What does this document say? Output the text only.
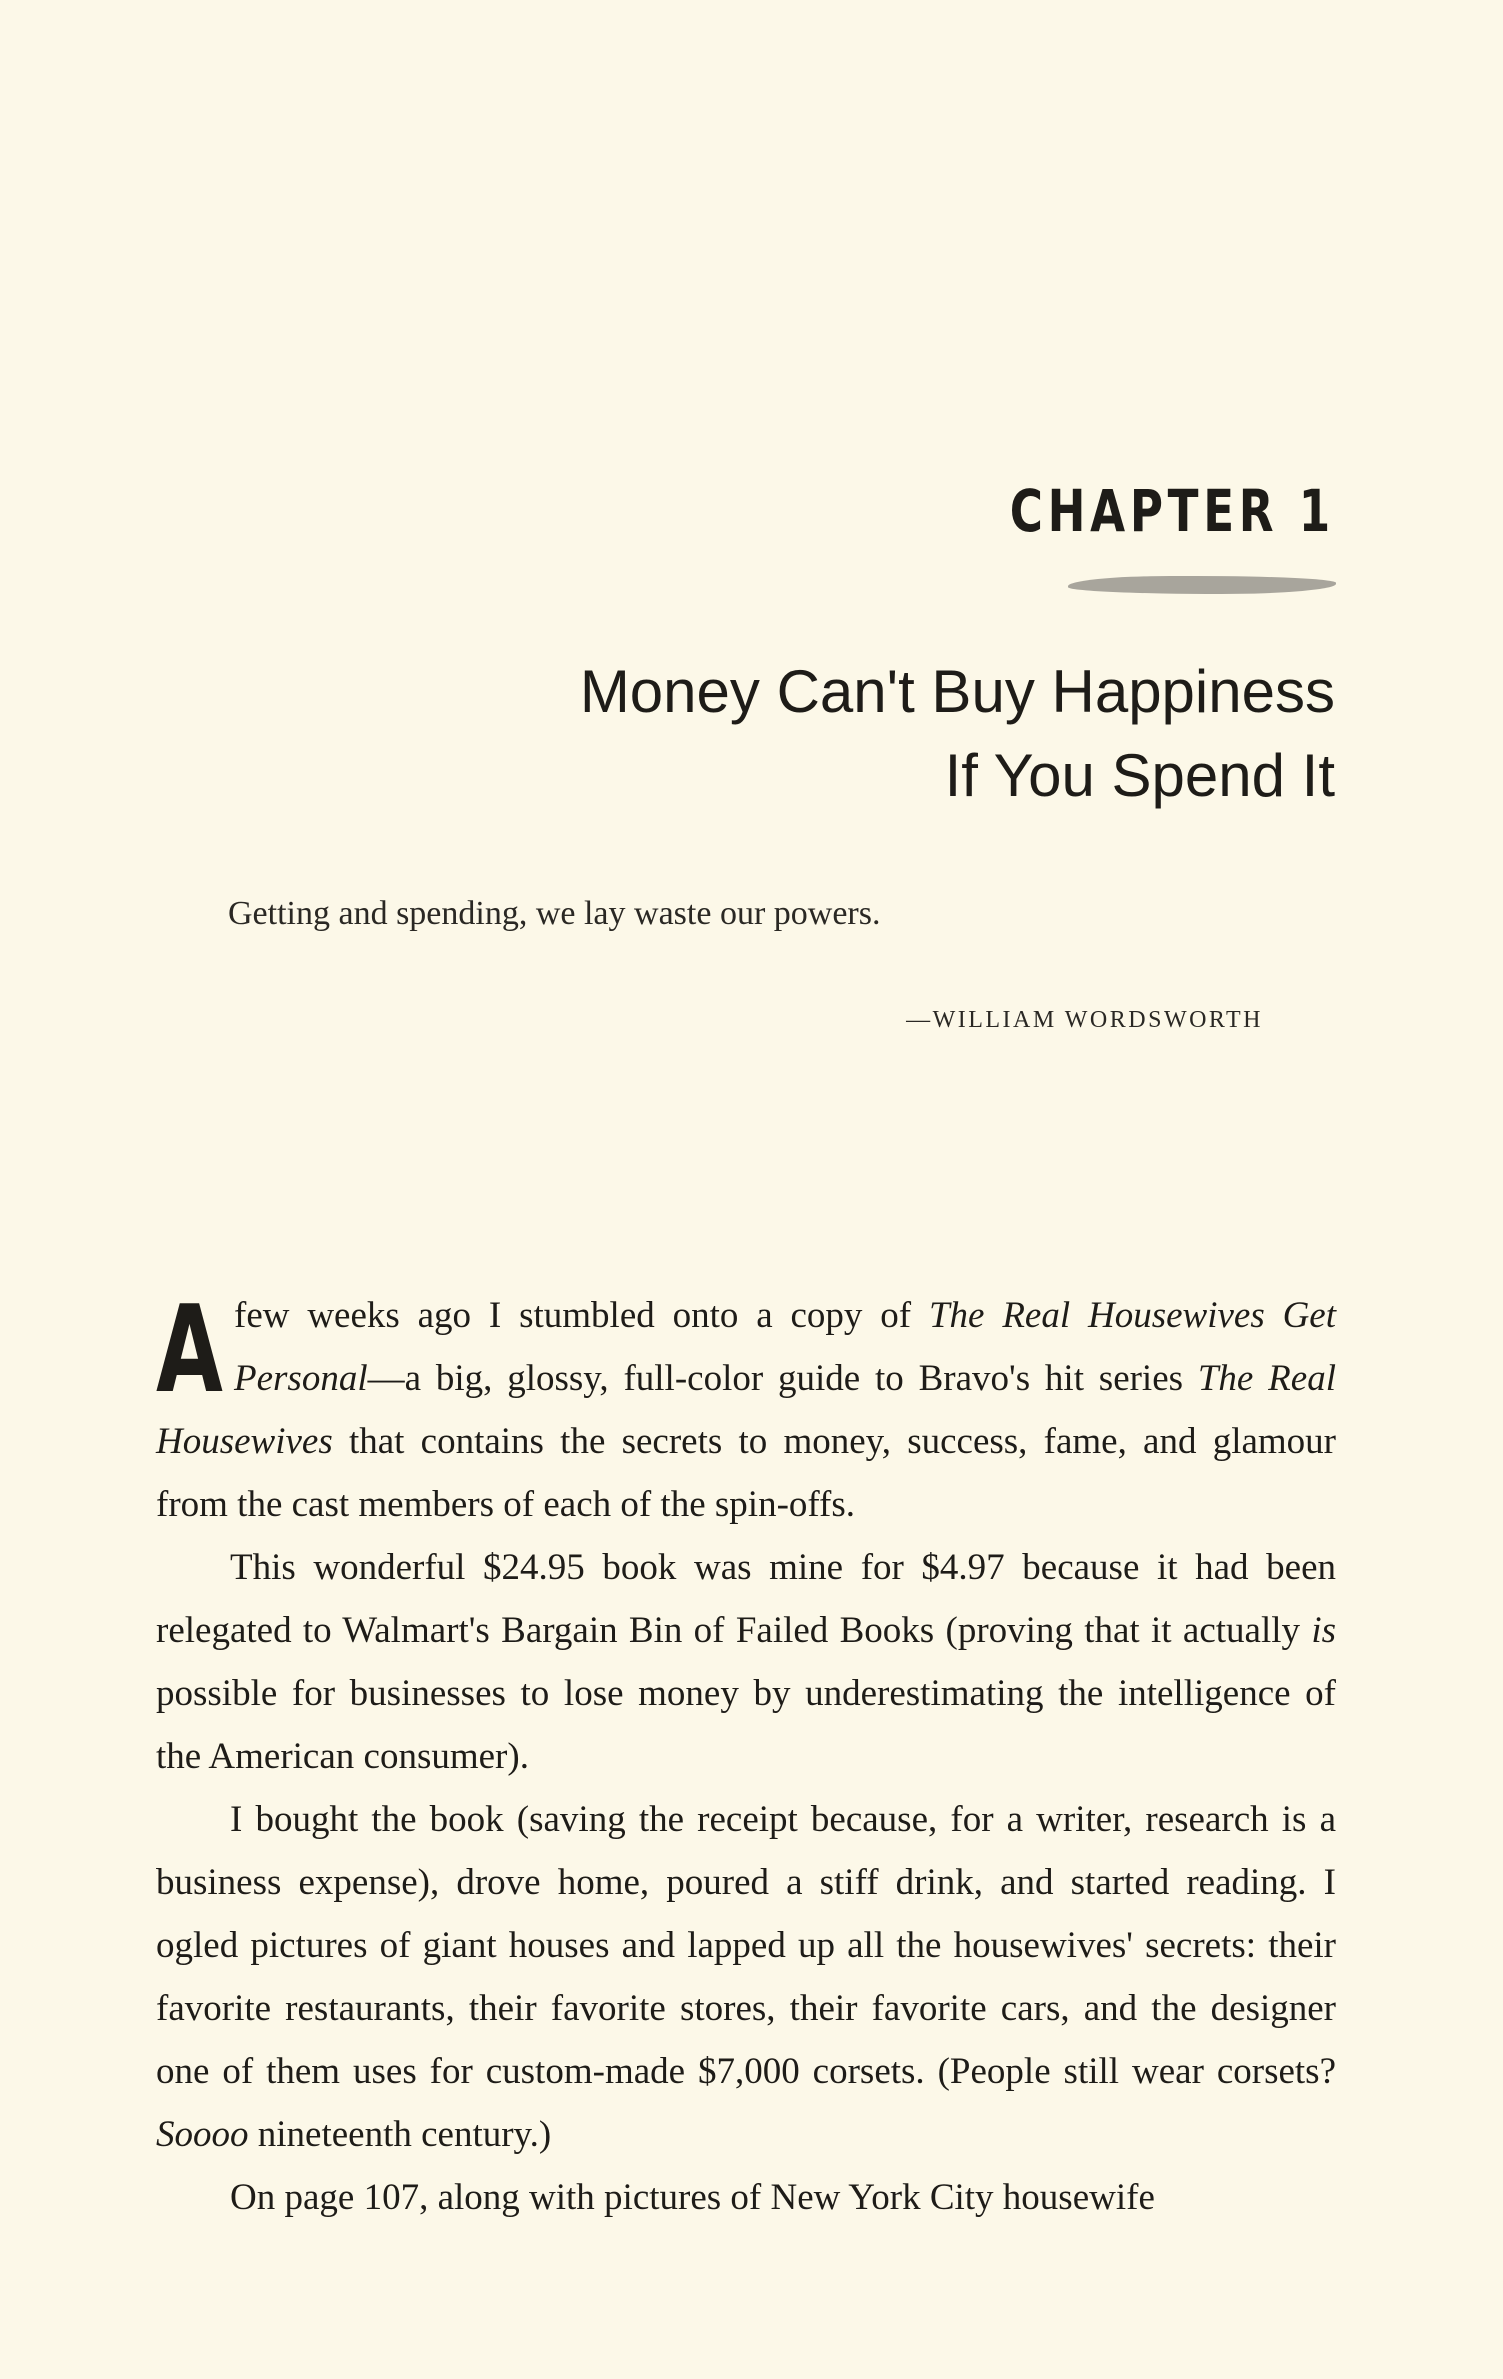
CHAPTER 1
Money Can't Buy Happiness
If You Spend It

Getting and spending, we lay waste our powers.

—WILLIAM WORDSWORTH

A few weeks ago I stumbled onto a copy of The Real Housewives Get Personal—a big, glossy, full-color guide to Bravo's hit series The Real Housewives that contains the secrets to money, success, fame, and glamour from the cast members of each of the spin-offs.

This wonderful $24.95 book was mine for $4.97 because it had been relegated to Walmart's Bargain Bin of Failed Books (proving that it actually is possible for businesses to lose money by underestimating the intelligence of the American consumer).

I bought the book (saving the receipt because, for a writer, research is a business expense), drove home, poured a stiff drink, and started reading. I ogled pictures of giant houses and lapped up all the housewives' secrets: their favorite restaurants, their favorite stores, their favorite cars, and the designer one of them uses for custom-made $7,000 corsets. (People still wear corsets? Soooo nineteenth century.)

On page 107, along with pictures of New York City housewife
